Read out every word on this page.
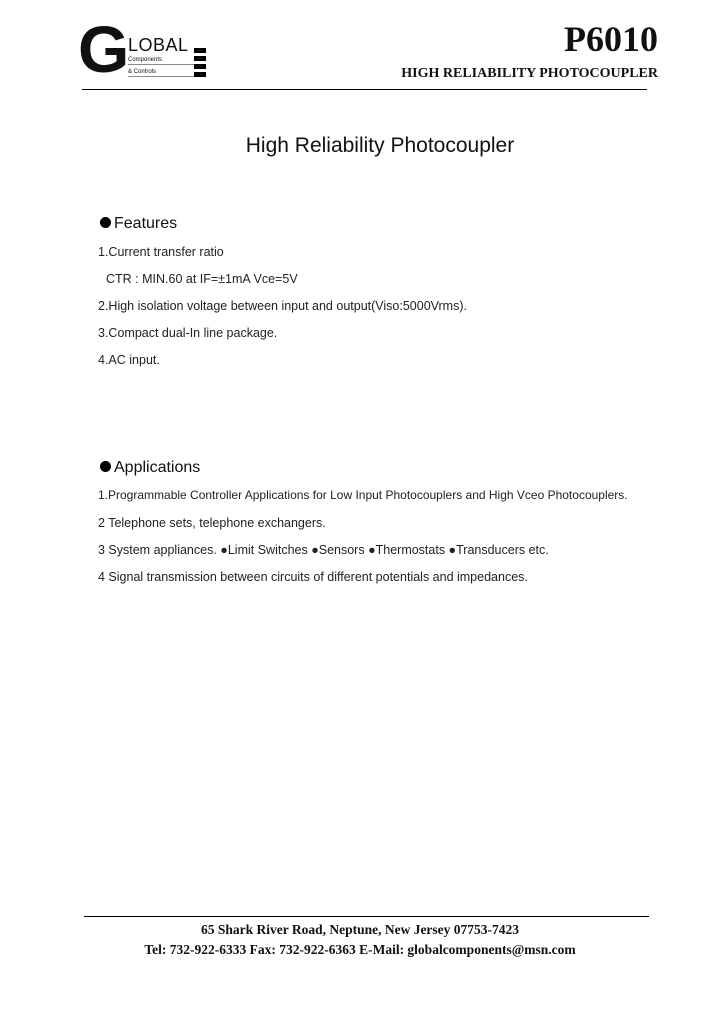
G
LOBAL
Components
& Controls
P6010
HIGH RELIABILITY PHOTOCOUPLER
High Reliability Photocoupler
Features
1.Current transfer ratio
CTR : MIN.60 at IF=±1mA Vce=5V
2.High isolation voltage between input and output(Viso:5000Vrms).
3.Compact dual-In line package.
4.AC input.
Applications
1.Programmable Controller Applications for Low Input Photocouplers and High Vceo Photocouplers.
2 Telephone sets, telephone exchangers.
3 System appliances. ●Limit Switches ●Sensors ●Thermostats ●Transducers etc.
4 Signal transmission between circuits of different potentials and impedances.
65 Shark River Road, Neptune, New Jersey 07753-7423
Tel: 732-922-6333 Fax: 732-922-6363 E-Mail: globalcomponents@msn.com
